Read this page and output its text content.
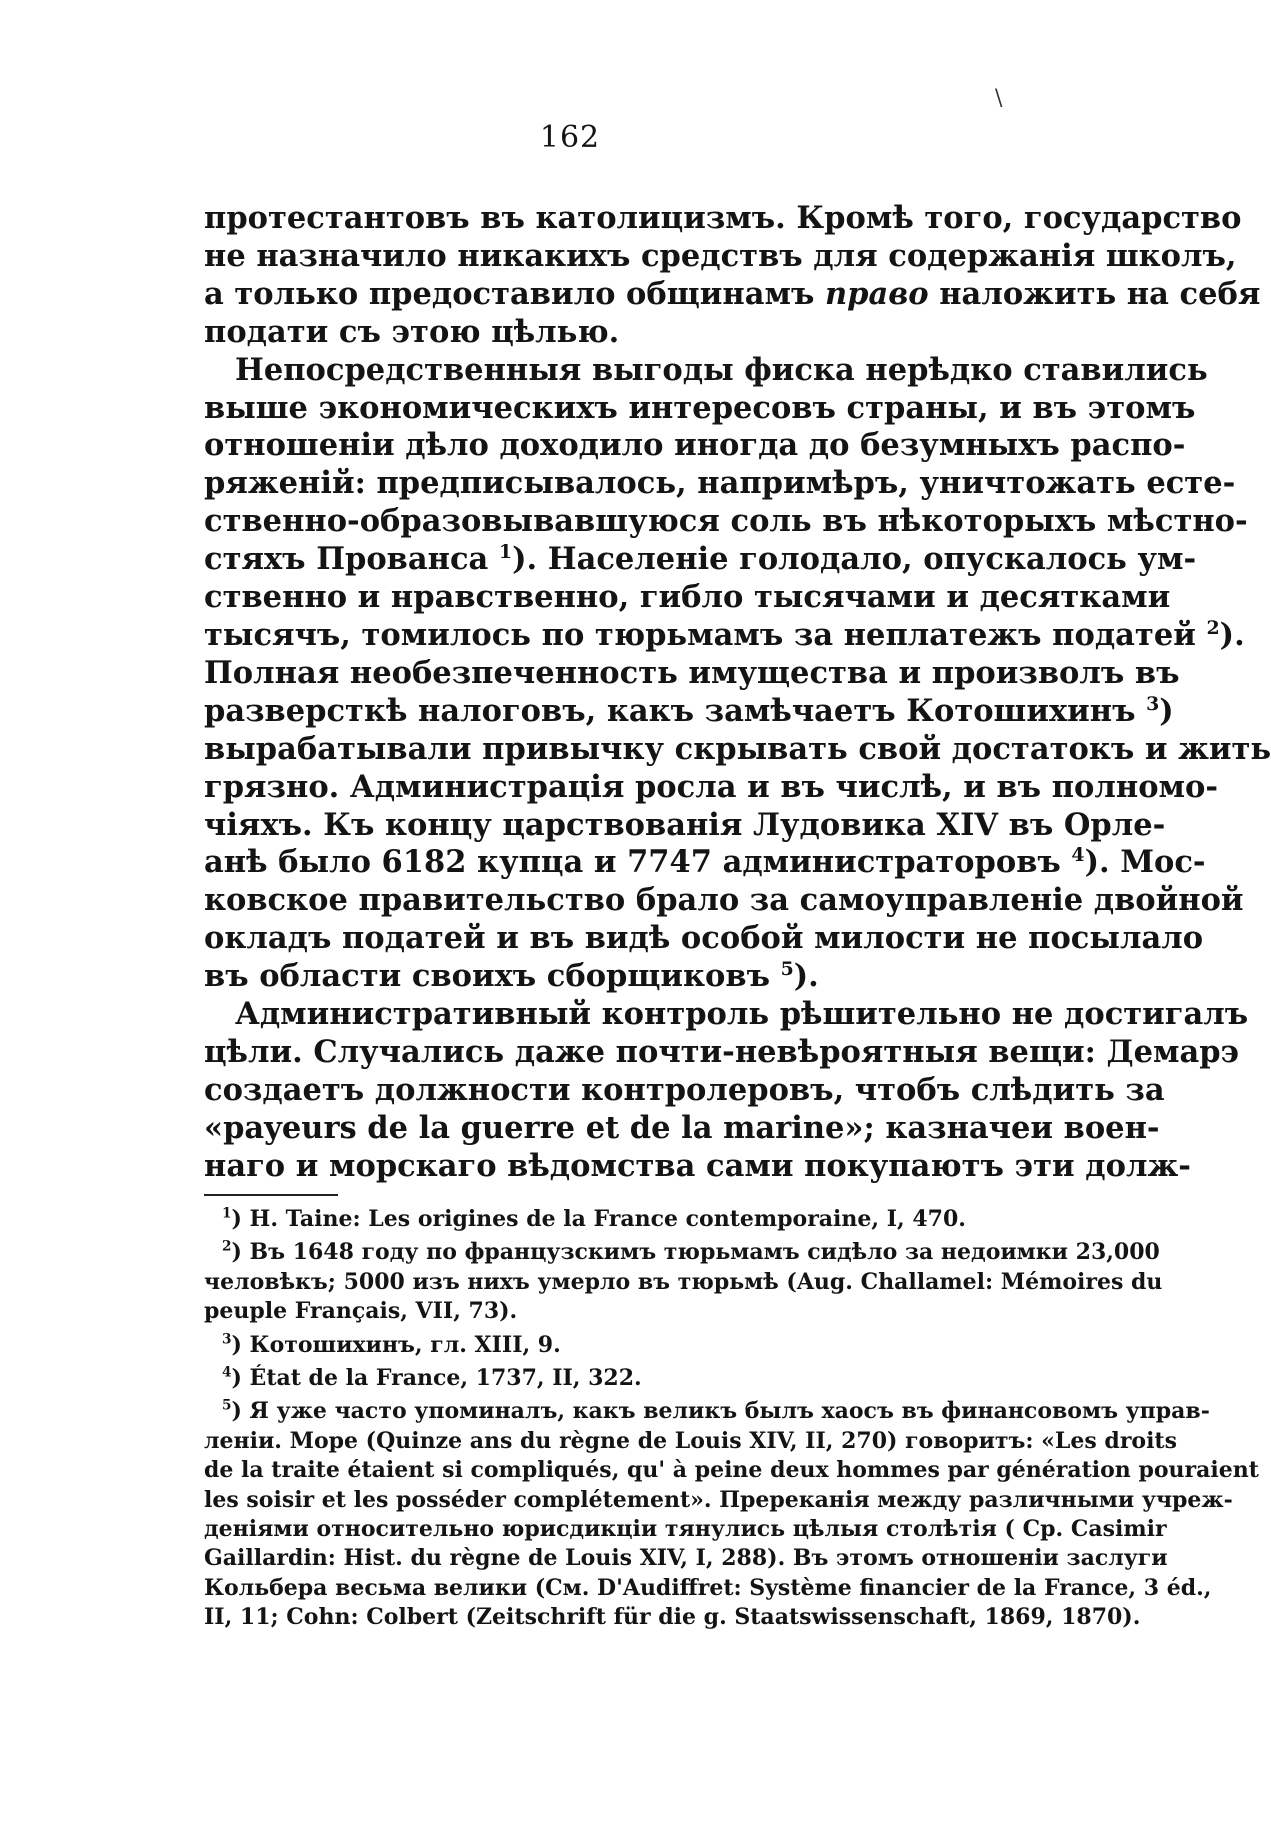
\
162
протестантовъ въ католицизмъ. Кромѣ того, государство
не назначило никакихъ средствъ для содержанія школъ,
а только предоставило общинамъ право наложить на себя
подати съ этою цѣлью.
Непосредственныя выгоды фиска нерѣдко ставились
выше экономическихъ интересовъ страны, и въ этомъ
отношеніи дѣло доходило иногда до безумныхъ распо-
ряженій: предписывалось, напримѣръ, уничтожать есте-
ственно-образовывавшуюся соль въ нѣкоторыхъ мѣстно-
стяхъ Прованса $^1$). Населеніе голодало, опускалось ум-
ственно и нравственно, гибло тысячами и десятками
тысячъ, томилось по тюрьмамъ за неплатежъ податей $^2$).
Полная необезпеченность имущества и произволъ въ
разверсткѣ налоговъ, какъ замѣчаетъ Котошихинъ $^3$)
вырабатывали привычку скрывать свой достатокъ и жить
грязно. Администрація росла и въ числѣ, и въ полномо-
чіяхъ. Къ концу царствованія Лудовика XIV въ Орле-
анѣ было 6182 купца и 7747 администраторовъ $^4$). Мос-
ковское правительство брало за самоуправленіе двойной
окладъ податей и въ видѣ особой милости не посылало
въ области своихъ сборщиковъ $^5$).
Административный контроль рѣшительно не достигалъ
цѣли. Случались даже почти-невѣроятныя вещи: Демарэ
создаетъ должности контролеровъ, чтобъ слѣдить за
«payeurs de la guerre et de la marine»; казначеи воен-
наго и морскаго вѣдомства сами покупаютъ эти долж-
$^1$) H. Taine: Les origines de la France contemporaine, I, 470.
$^2$) Въ 1648 году по французскимъ тюрьмамъ сидѣло за недоимки 23,000
человѣкъ; 5000 изъ нихъ умерло въ тюрьмѣ (Aug. Challamel: Mémoires du
peuple Français, VII, 73).
$^3$) Котошихинъ, гл. XIII, 9.
$^4$) État de la France, 1737, II, 322.
$^5$) Я уже часто упоминалъ, какъ великъ былъ хаосъ въ финансовомъ управ-
леніи. Море (Quinze ans du règne de Louis XIV, II, 270) говоритъ: «Les droits
de la traite étaient si compliqués, qu' à peine deux hommes par génération pouraient
les soisir et les posséder complétement». Пререканія между различными учреж-
деніями относительно юрисдикціи тянулись цѣлыя столѣтія ( Ср. Casimir
Gaillardin: Hist. du règne de Louis XIV, I, 288). Въ этомъ отношеніи заслуги
Кольбера весьма велики (См. D'Audiffret: Système financier de la France, 3 éd.,
II, 11; Cohn: Colbert (Zeitschrift für die g. Staatswissenschaft, 1869, 1870).
